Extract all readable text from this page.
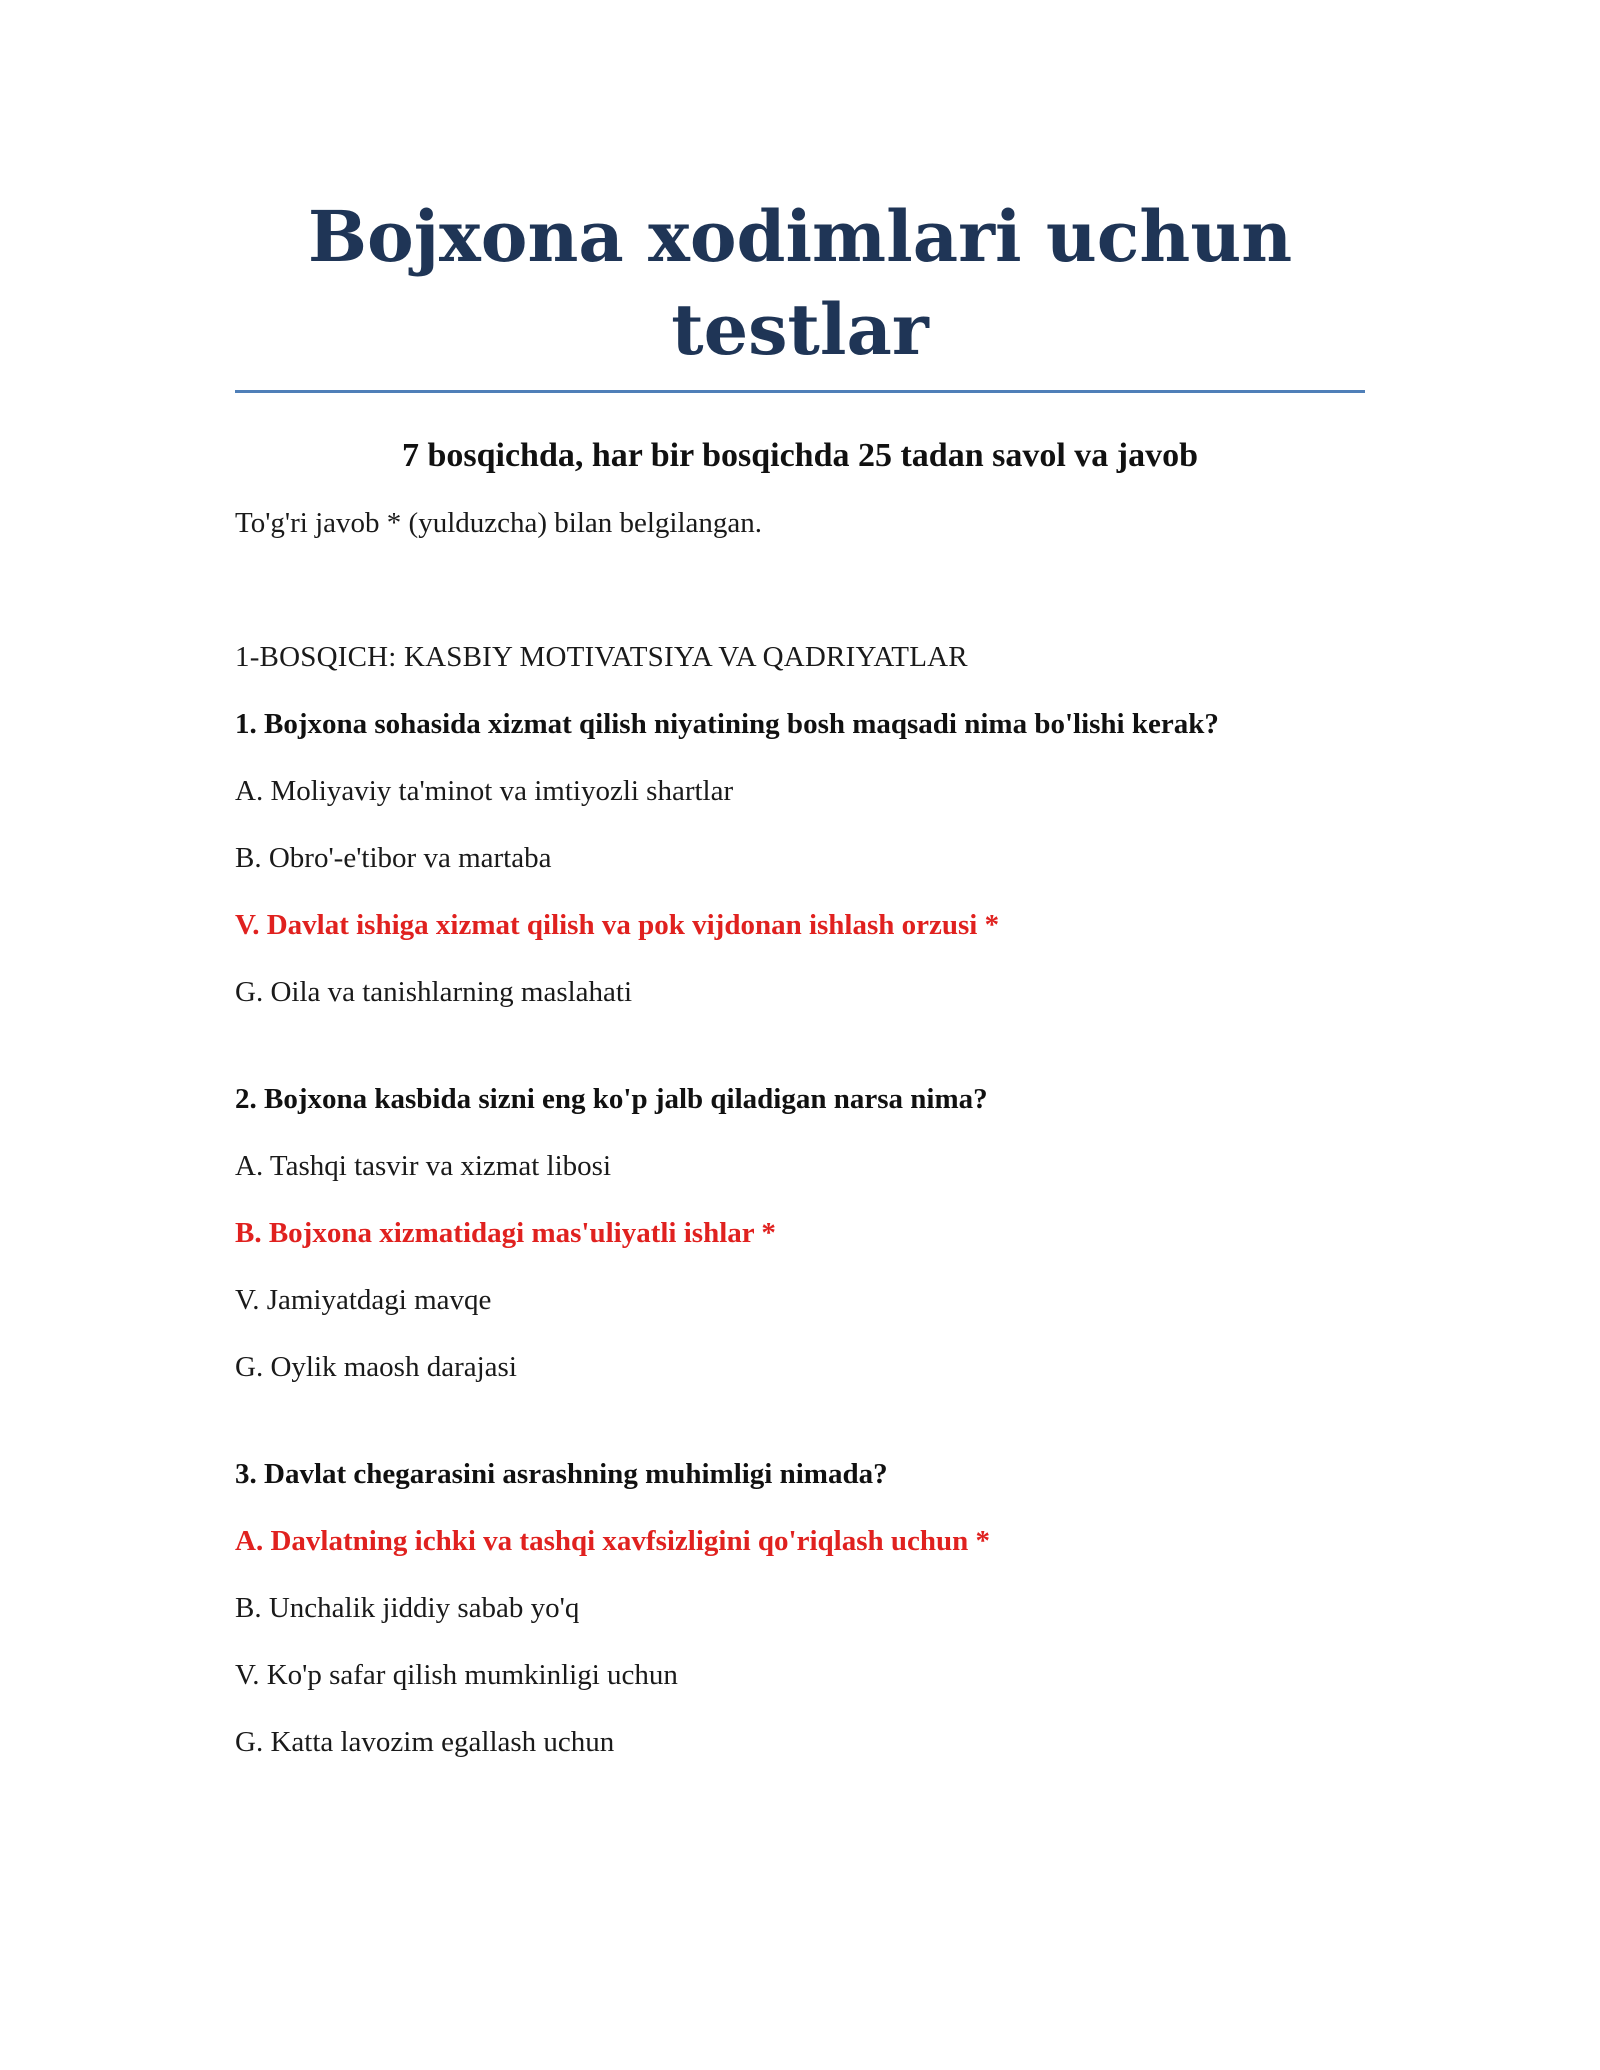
Bojxona xodimlari uchun testlar
7 bosqichda, har bir bosqichda 25 tadan savol va javob
To'g'ri javob * (yulduzcha) bilan belgilangan.
1-BOSQICH: KASBIY MOTIVATSIYA VA QADRIYATLAR
1. Bojxona sohasida xizmat qilish niyatining bosh maqsadi nima bo'lishi kerak?
A. Moliyaviy ta'minot va imtiyozli shartlar
B. Obro'-e'tibor va martaba
V. Davlat ishiga xizmat qilish va pok vijdonan ishlash orzusi *
G. Oila va tanishlarning maslahati
2. Bojxona kasbida sizni eng ko'p jalb qiladigan narsa nima?
A. Tashqi tasvir va xizmat libosi
B. Bojxona xizmatidagi mas'uliyatli ishlar *
V. Jamiyatdagi mavqe
G. Oylik maosh darajasi
3. Davlat chegarasini asrashning muhimligi nimada?
A. Davlatning ichki va tashqi xavfsizligini qo'riqlash uchun *
B. Unchalik jiddiy sabab yo'q
V. Ko'p safar qilish mumkinligi uchun
G. Katta lavozim egallash uchun
